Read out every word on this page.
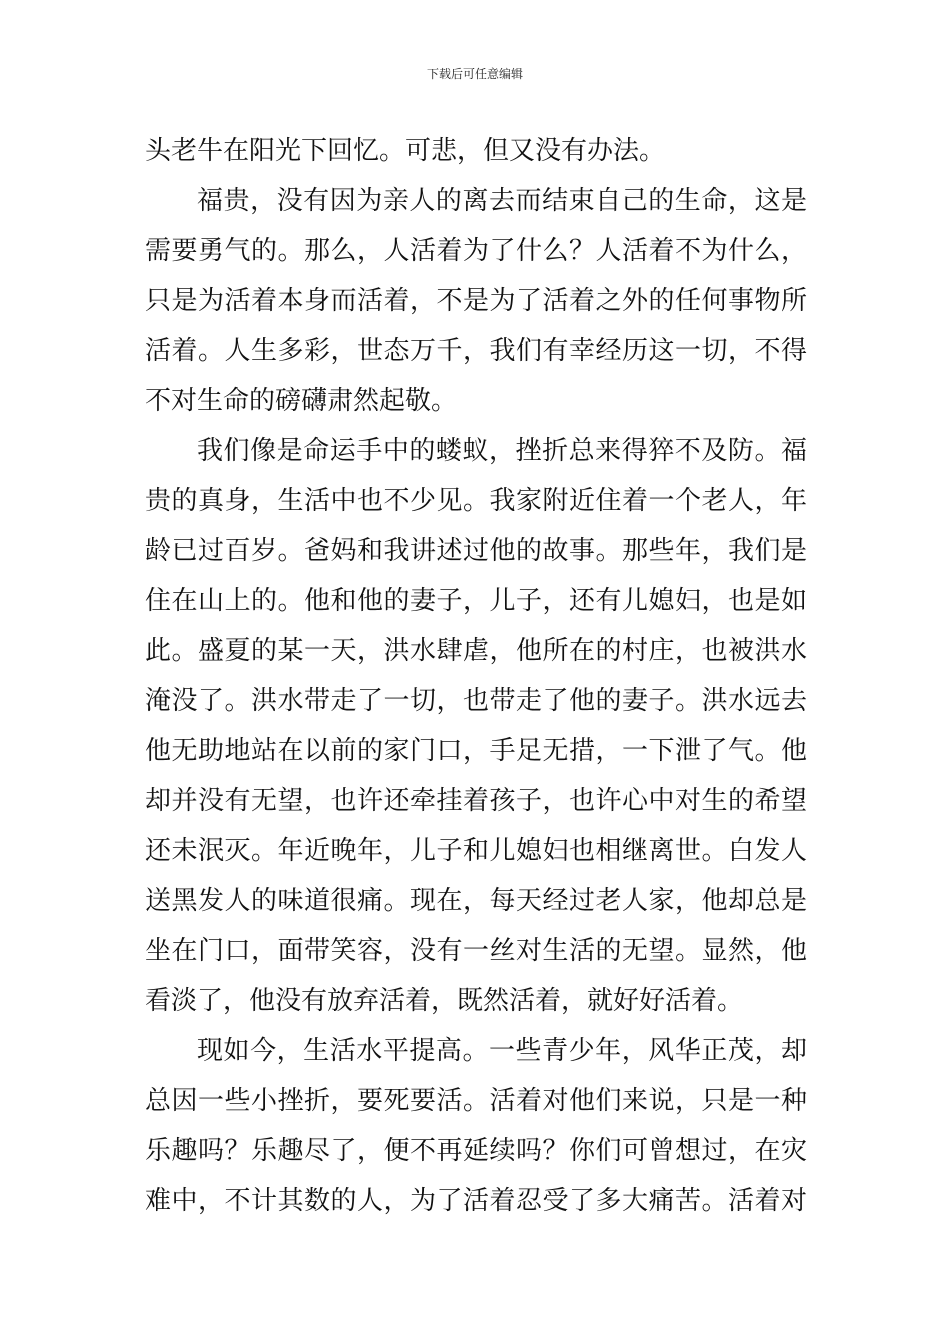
下载后可任意编辑
头老牛在阳光下回忆。可悲，但又没有办法。
福贵，没有因为亲人的离去而结束自己的生命，这是
需要勇气的。那么，人活着为了什么？人活着不为什么，
只是为活着本身而活着，不是为了活着之外的任何事物所
活着。人生多彩，世态万千，我们有幸经历这一切，不得
不对生命的磅礴肃然起敬。
我们像是命运手中的蝼蚁，挫折总来得猝不及防。福
贵的真身，生活中也不少见。我家附近住着一个老人，年
龄已过百岁。爸妈和我讲述过他的故事。那些年，我们是
住在山上的。他和他的妻子，儿子，还有儿媳妇，也是如
此。盛夏的某一天，洪水肆虐，他所在的村庄，也被洪水
淹没了。洪水带走了一切，也带走了他的妻子。洪水远去
他无助地站在以前的家门口，手足无措，一下泄了气。他
却并没有无望，也许还牵挂着孩子，也许心中对生的希望
还未泯灭。年近晚年，儿子和儿媳妇也相继离世。白发人
送黑发人的味道很痛。现在，每天经过老人家，他却总是
坐在门口，面带笑容，没有一丝对生活的无望。显然，他
看淡了，他没有放弃活着，既然活着，就好好活着。
现如今，生活水平提高。一些青少年，风华正茂，却
总因一些小挫折，要死要活。活着对他们来说，只是一种
乐趣吗？乐趣尽了，便不再延续吗？你们可曾想过，在灾
难中，不计其数的人，为了活着忍受了多大痛苦。活着对
